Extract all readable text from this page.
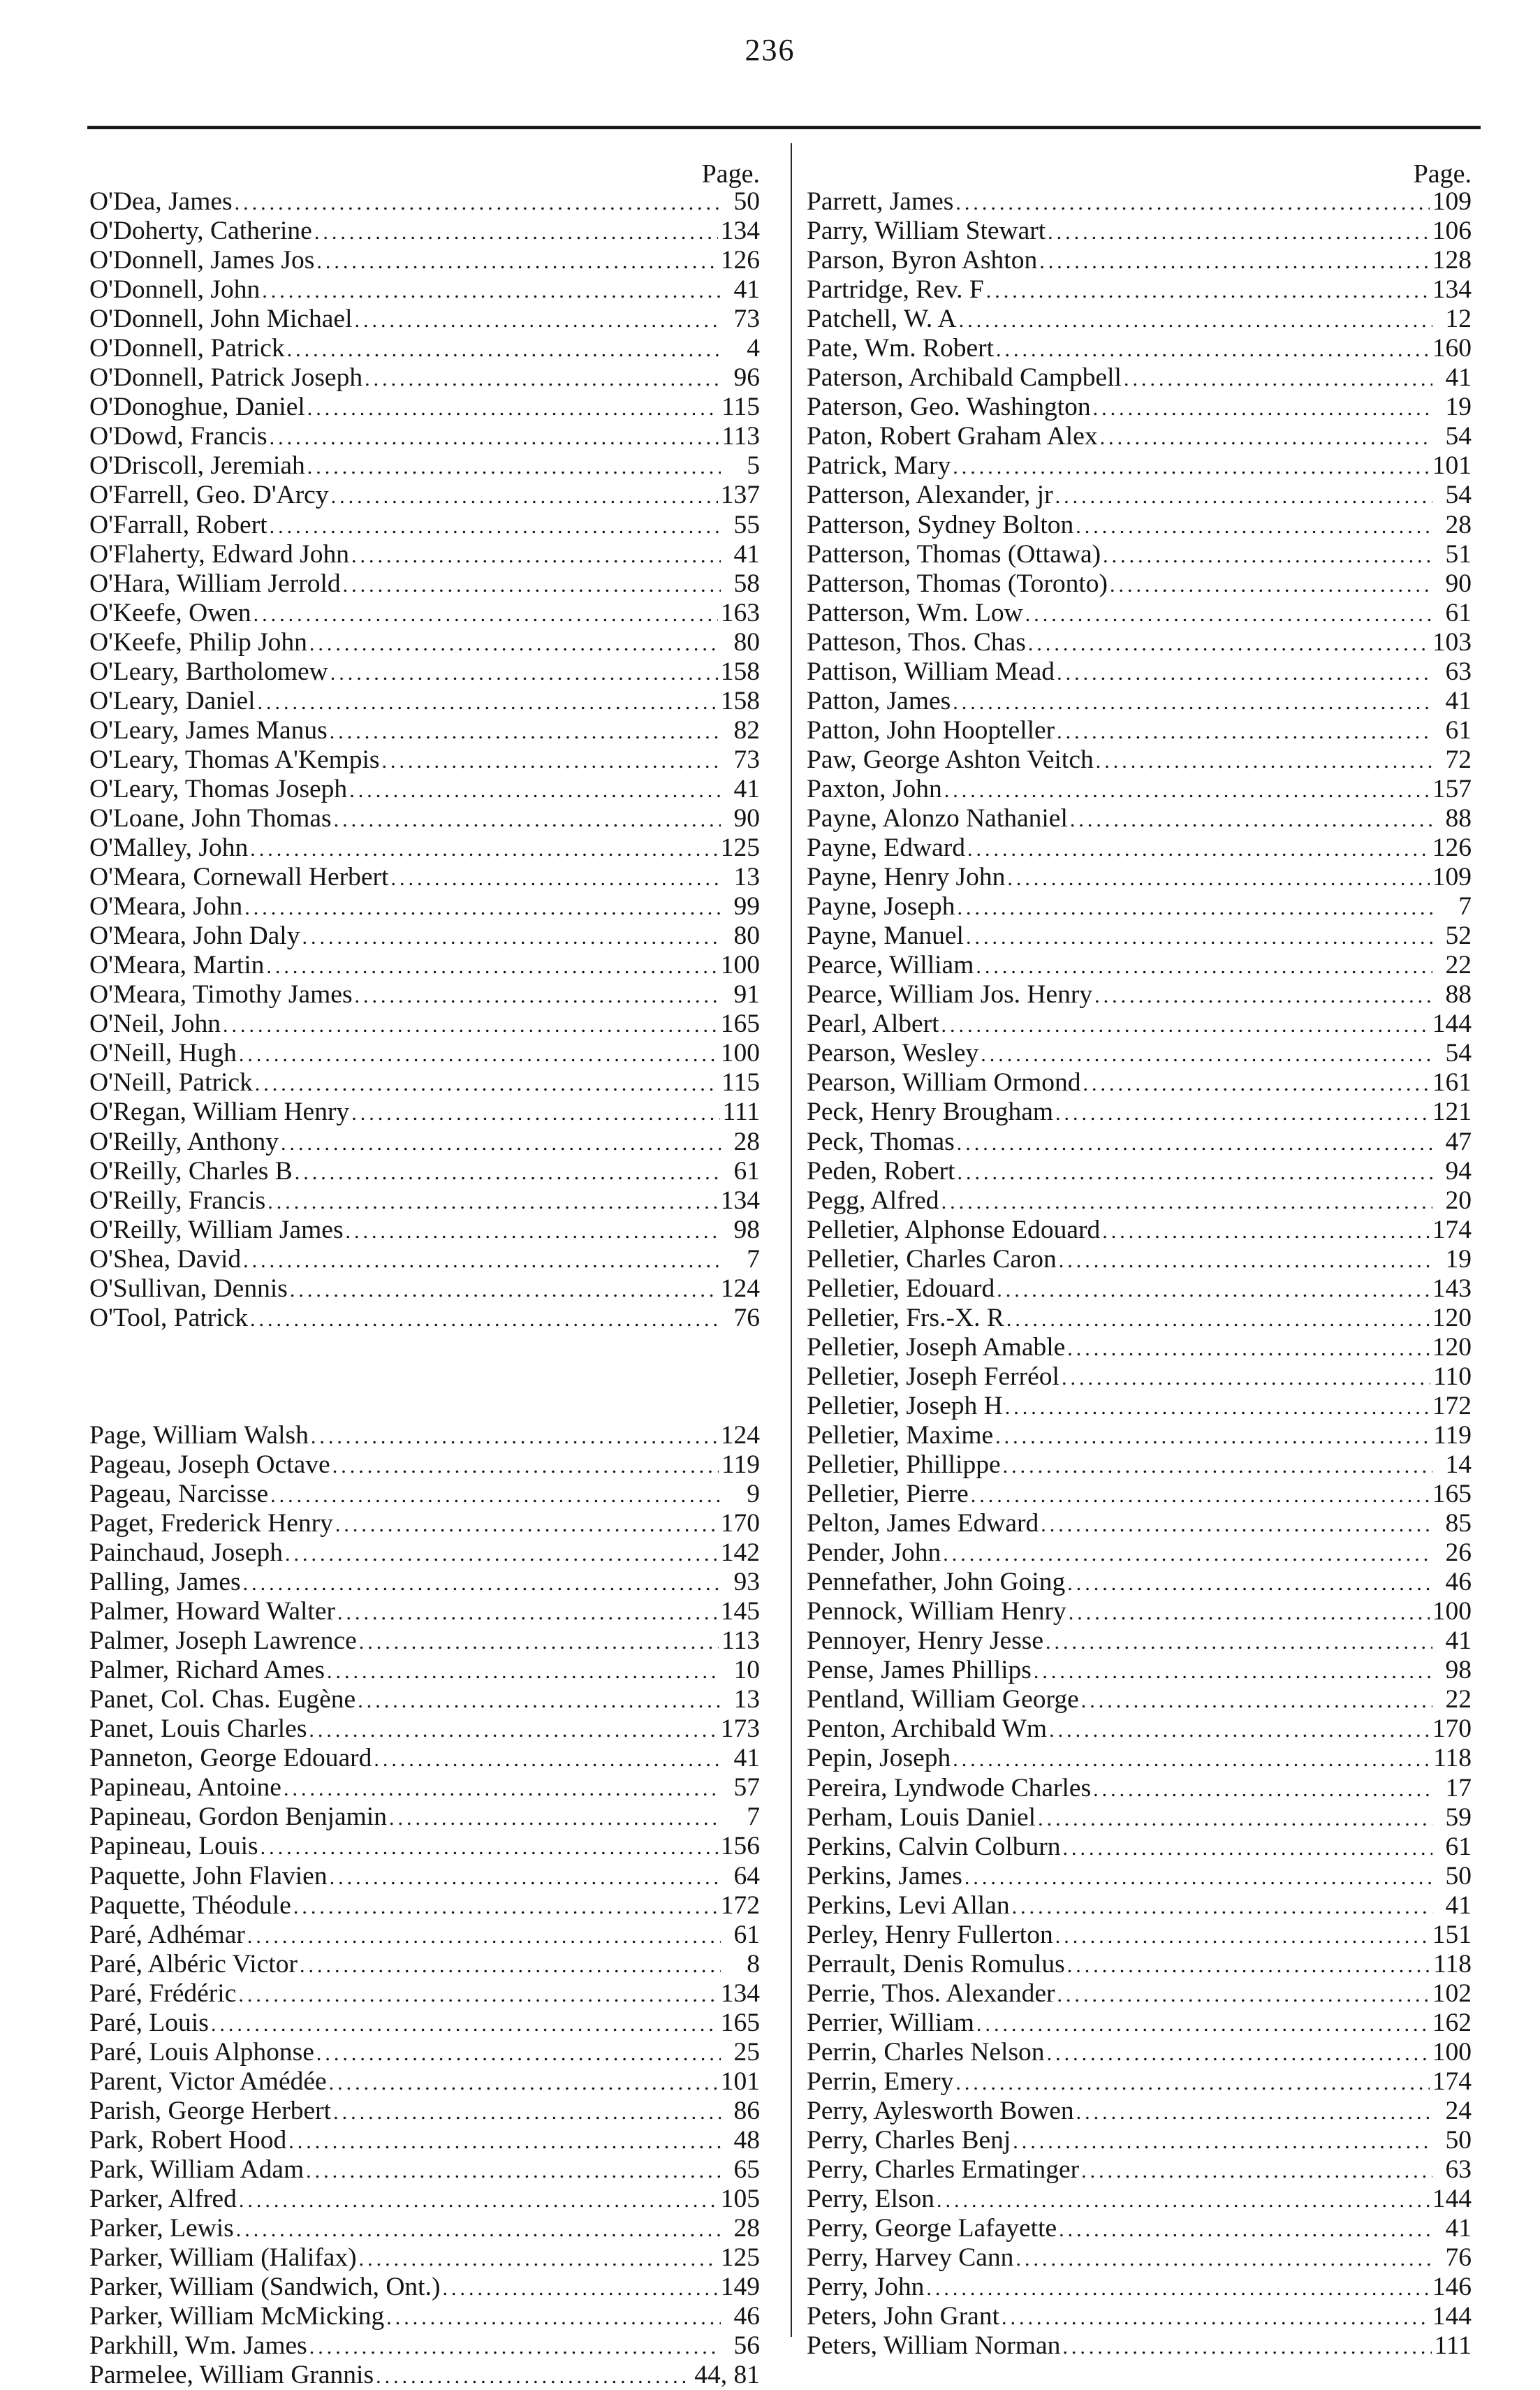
236
Page.
O'Dea, James .....	50
O'Doherty, Catherine .....	134
O'Donnell, James Jos .....	126
O'Donnell, John .....	41
O'Donnell, John Michael .....	73
O'Donnell, Patrick .....	4
O'Donnell, Patrick Joseph .....	96
O'Donoghue, Daniel .....	115
O'Dowd, Francis .....	113
O'Driscoll, Jeremiah .....	5
O'Farrell, Geo. D'Arcy .....	137
O'Farrall, Robert .....	55
O'Flaherty, Edward John .....	41
O'Hara, William Jerrold .....	58
O'Keefe, Owen .....	163
O'Keefe, Philip John .....	80
O'Leary, Bartholomew .....	158
O'Leary, Daniel .....	158
O'Leary, James Manus .....	82
O'Leary, Thomas A'Kempis .....	73
O'Leary, Thomas Joseph .....	41
O'Loane, John Thomas .....	90
O'Malley, John .....	125
O'Meara, Cornewall Herbert .....	13
O'Meara, John .....	99
O'Meara, John Daly .....	80
O'Meara, Martin .....	100
O'Meara, Timothy James .....	91
O'Neil, John .....	165
O'Neill, Hugh .....	100
O'Neill, Patrick .....	115
O'Regan, William Henry .....	111
O'Reilly, Anthony .....	28
O'Reilly, Charles B .....	61
O'Reilly, Francis .....	134
O'Reilly, William James .....	98
O'Shea, David .....	7
O'Sullivan, Dennis .....	124
O'Tool, Patrick .....	76
Page, William Walsh .....	124
Pageau, Joseph Octave .....	119
Pageau, Narcisse .....	9
Paget, Frederick Henry .....	170
Painchaud, Joseph .....	142
Palling, James .....	93
Palmer, Howard Walter .....	145
Palmer, Joseph Lawrence .....	113
Palmer, Richard Ames .....	10
Panet, Col. Chas. Eugène .....	13
Panet, Louis Charles .....	173
Panneton, George Edouard .....	41
Papineau, Antoine .....	57
Papineau, Gordon Benjamin .....	7
Papineau, Louis .....	156
Paquette, John Flavien .....	64
Paquette, Théodule .....	172
Paré, Adhémar .....	61
Paré, Albéric Victor .....	8
Paré, Frédéric .....	134
Paré, Louis .....	165
Paré, Louis Alphonse .....	25
Parent, Victor Amédée .....	101
Parish, George Herbert .....	86
Park, Robert Hood .....	48
Park, William Adam .....	65
Parker, Alfred .....	105
Parker, Lewis .....	28
Parker, William (Halifax) .....	125
Parker, William (Sandwich, Ont.) .....	149
Parker, William McMicking .....	46
Parkhill, Wm. James .....	56
Parmelee, William Grannis .....	44, 81
Page.
Parrett, James .....	109
Parry, William Stewart .....	106
Parson, Byron Ashton .....	128
Partridge, Rev. F .....	134
Patchell, W. A .....	12
Pate, Wm. Robert .....	160
Paterson, Archibald Campbell .....	41
Paterson, Geo. Washington .....	19
Paton, Robert Graham Alex .....	54
Patrick, Mary .....	101
Patterson, Alexander, jr .....	54
Patterson, Sydney Bolton .....	28
Patterson, Thomas (Ottawa) .....	51
Patterson, Thomas (Toronto) .....	90
Patterson, Wm. Low .....	61
Patteson, Thos. Chas .....	103
Pattison, William Mead .....	63
Patton, James .....	41
Patton, John Hoopteller .....	61
Paw, George Ashton Veitch .....	72
Paxton, John .....	157
Payne, Alonzo Nathaniel .....	88
Payne, Edward .....	126
Payne, Henry John .....	109
Payne, Joseph .....	7
Payne, Manuel .....	52
Pearce, William .....	22
Pearce, William Jos. Henry .....	88
Pearl, Albert .....	144
Pearson, Wesley .....	54
Pearson, William Ormond .....	161
Peck, Henry Brougham .....	121
Peck, Thomas .....	47
Peden, Robert .....	94
Pegg, Alfred .....	20
Pelletier, Alphonse Edouard .....	174
Pelletier, Charles Caron .....	19
Pelletier, Edouard .....	143
Pelletier, Frs.-X. R .....	120
Pelletier, Joseph Amable .....	120
Pelletier, Joseph Ferréol .....	110
Pelletier, Joseph H .....	172
Pelletier, Maxime .....	119
Pelletier, Phillippe .....	14
Pelletier, Pierre .....	165
Pelton, James Edward .....	85
Pender, John .....	26
Pennefather, John Going .....	46
Pennock, William Henry .....	100
Pennoyer, Henry Jesse .....	41
Pense, James Phillips .....	98
Pentland, William George .....	22
Penton, Archibald Wm .....	170
Pepin, Joseph .....	118
Pereira, Lyndwode Charles .....	17
Perham, Louis Daniel .....	59
Perkins, Calvin Colburn .....	61
Perkins, James .....	50
Perkins, Levi Allan .....	41
Perley, Henry Fullerton .....	151
Perrault, Denis Romulus .....	118
Perrie, Thos. Alexander .....	102
Perrier, William .....	162
Perrin, Charles Nelson .....	100
Perrin, Emery .....	174
Perry, Aylesworth Bowen .....	24
Perry, Charles Benj .....	50
Perry, Charles Ermatinger .....	63
Perry, Elson .....	144
Perry, George Lafayette .....	41
Perry, Harvey Cann .....	76
Perry, John .....	146
Peters, John Grant .....	144
Peters, William Norman .....	111
